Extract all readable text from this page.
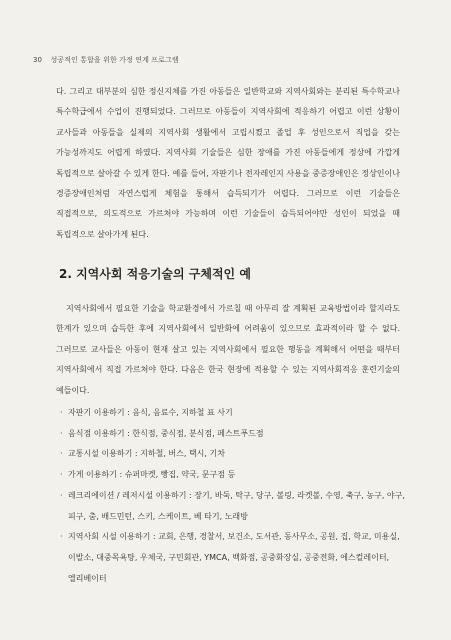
30 성공적인 통합을 위한 가정 연계 프로그램
다. 그리고 대부분의 심한 정신지체를 가진 아동들은 일반학교와 지역사회와는 분리된 특수학교나 특수학급에서 수업이 진행되었다. 그러므로 아동들이 지역사회에 적응하기 어렵고 이런 상황이 교사들과 아동들을 실제의 지역사회 생활에서 고립시켰고 졸업 후 성인으로서 직업을 갖는 가능성까지도 어렵게 하였다. 지역사회 기술들은 심한 장애를 가진 아동들에게 정상에 가깝게 독립적으로 살아갈 수 있게 한다. 예를 들어, 자판기나 전자레인지 사용을 중증장애인은 정상인이나 경증장애인처럼 자연스럽게 체험을 통해서 습득되기가 어렵다. 그러므로 이런 기술들은 직접적으로, 의도적으로 가르쳐야 가능하며 이런 기술들이 습득되어야만 성인이 되었을 때 독립적으로 살아가게 된다.
2. 지역사회 적응기술의 구체적인 예
지역사회에서 필요한 기술을 학교환경에서 가르칠 때 아무리 잘 계획된 교육방법이라 할지라도 한계가 있으며 습득한 후에 지역사회에서 일반화에 어려움이 있으므로 효과적이라 할 수 없다. 그러므로 교사들은 아동이 현재 살고 있는 지역사회에서 필요한 행동을 계획해서 어떤을 때부터 지역사회에서 직접 가르쳐야 한다. 다음은 한국 현장에 적용할 수 있는 지역사회적응 훈련기술의 예들이다.
· 자판기 이용하기 : 음식, 음료수, 지하철 표 사기
· 음식점 이용하기 : 한식점, 중식점, 분식점, 페스트푸드점
· 교통시설 이용하기 : 지하철, 버스, 택시, 기차
· 가게 이용하기 : 슈퍼마켓, 빵집, 약국, 문구점 등
· 레크리에이션 / 레저시설 이용하기 : 장기, 바둑, 탁구, 당구, 볼링, 라켓볼, 수영, 축구, 농구, 야구, 피구, 춤, 배드민턴, 스키, 스케이트, 베 타기, 노래방
· 지역사회 시설 이용하기 : 교회, 은행, 경찰서, 보건소, 도서관, 동사무소, 공원, 집, 학교, 미용실, 이발소, 대중목욕탕, 우체국, 구민회관, YMCA, 백화점, 공중화장실, 공중전화, 에스컬레이터, 엘리베이터
